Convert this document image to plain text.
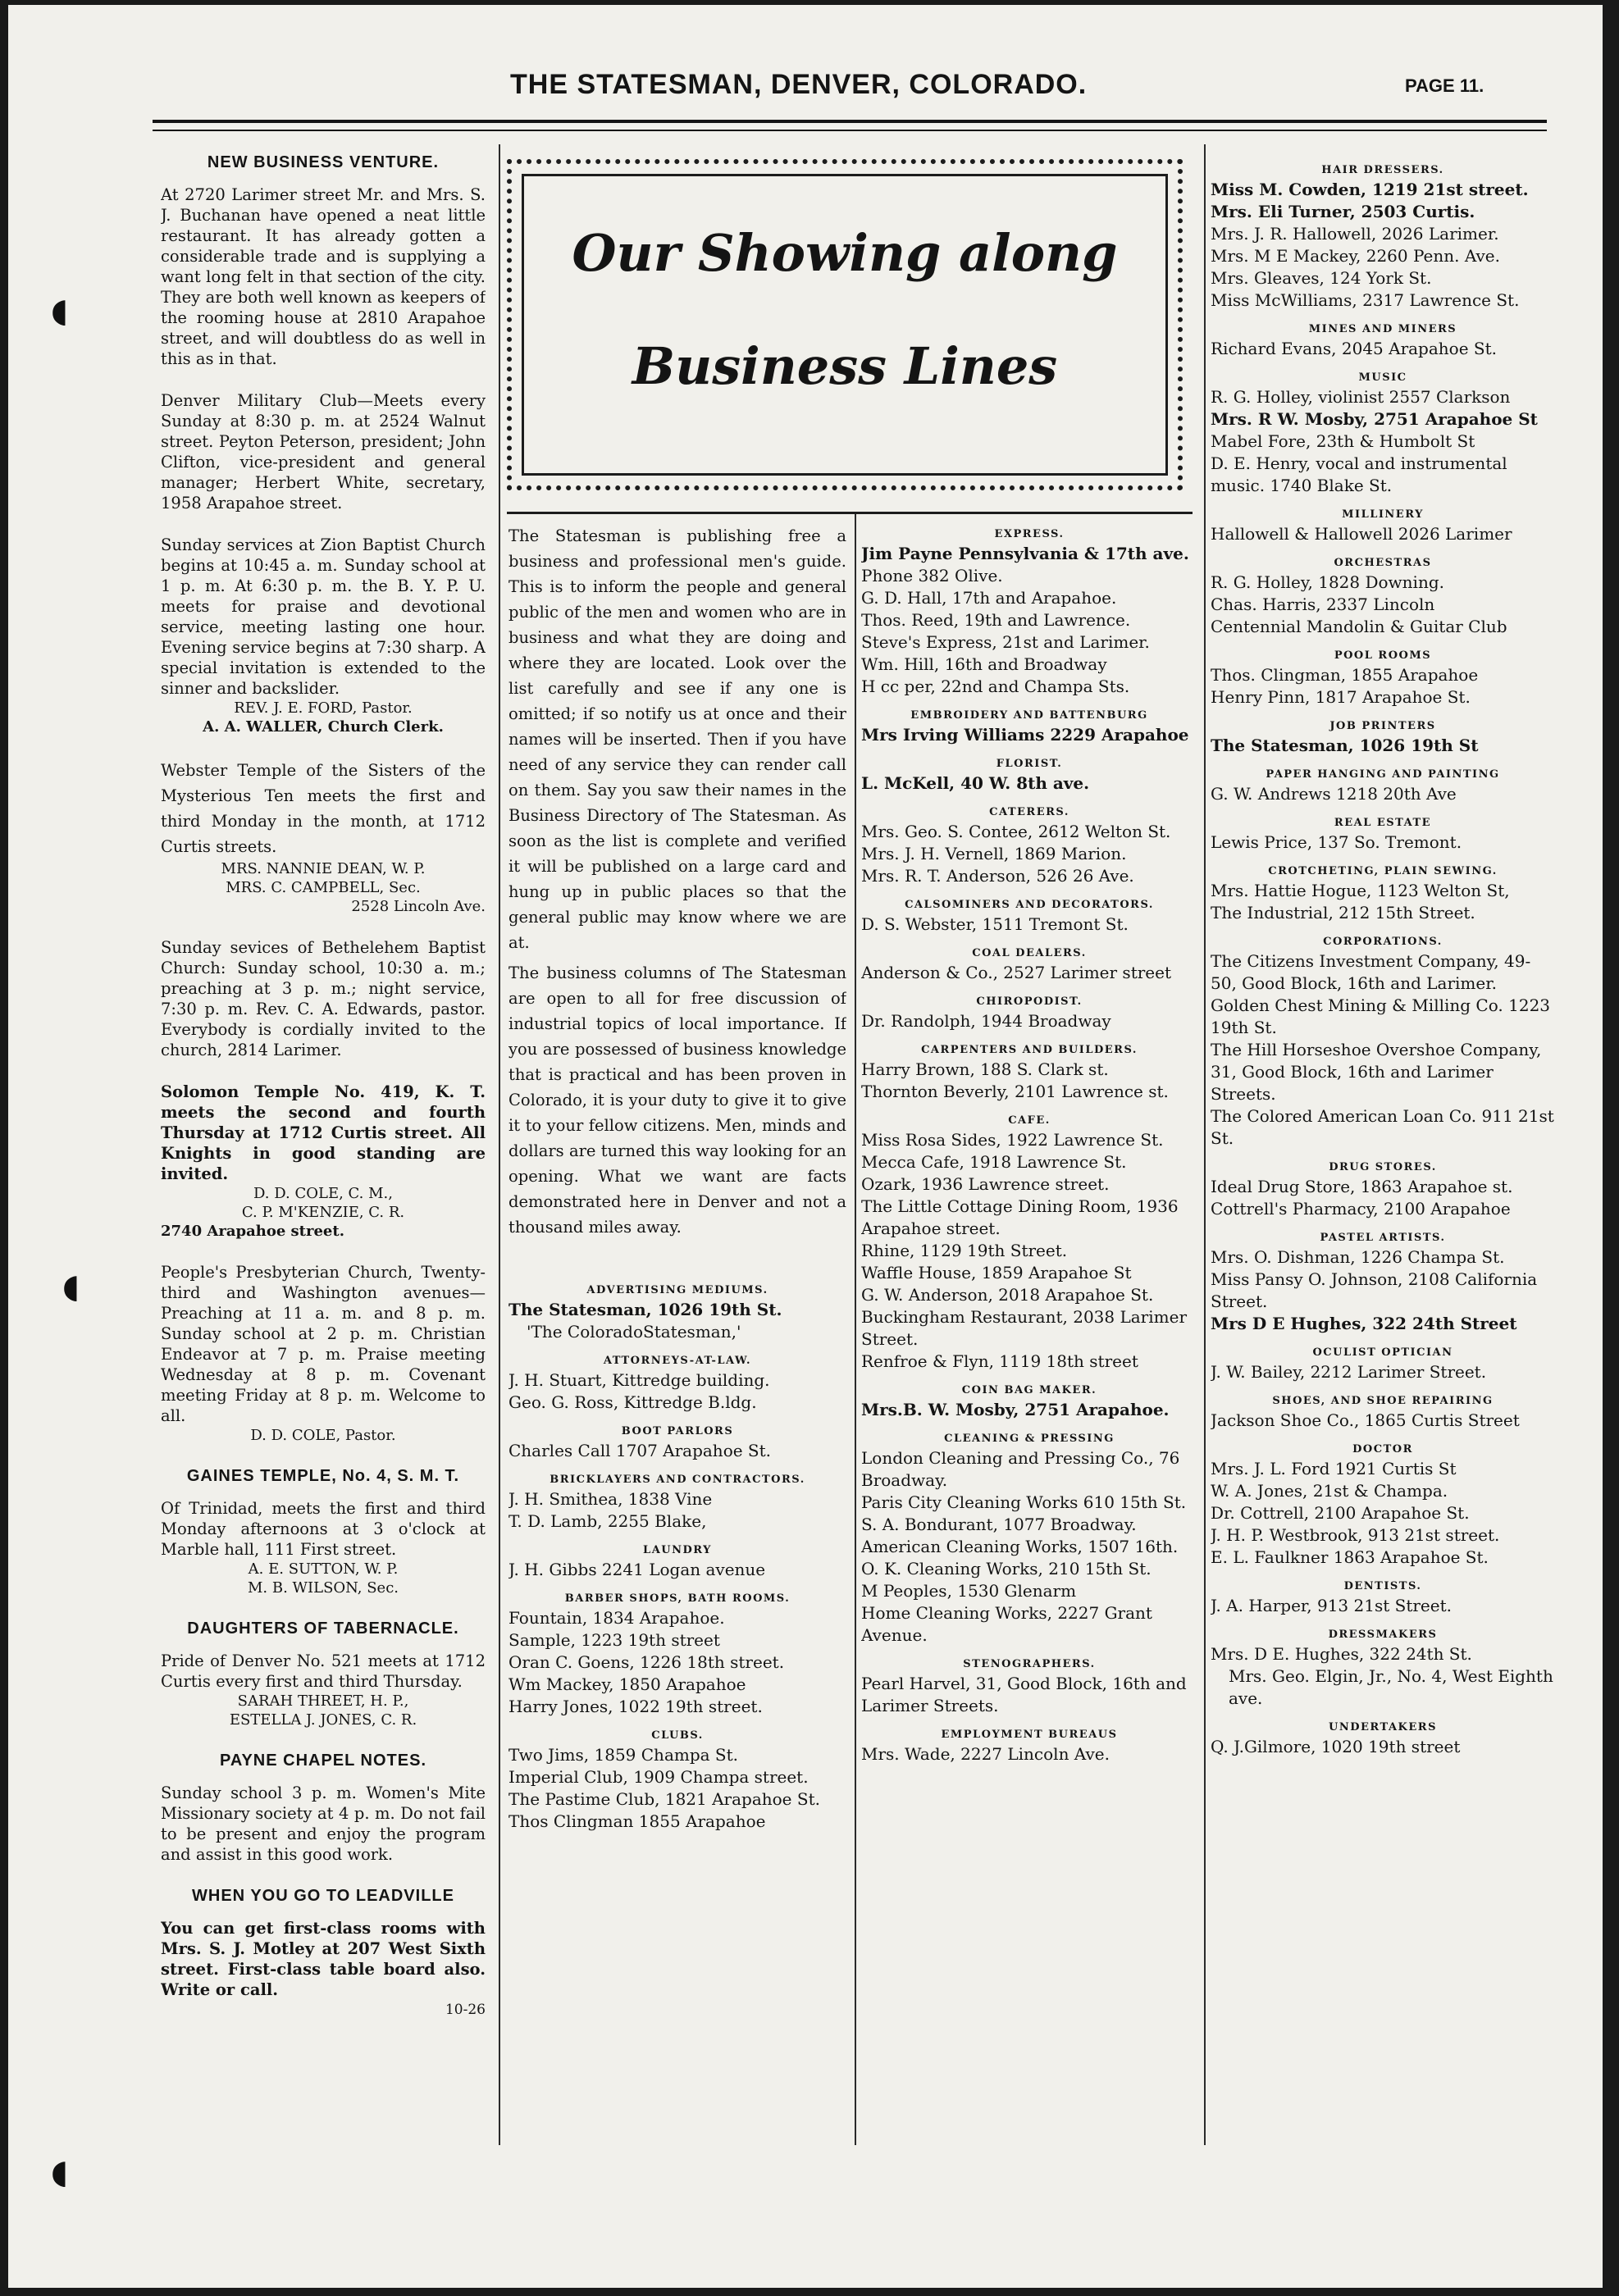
◖
◖
◖
THE STATESMAN, DENVER, COLORADO.	PAGE 11.
NEW BUSINESS VENTURE.

At 2720 Larimer street Mr. and Mrs. S. J. Buchanan have opened a neat little restaurant. It has already gotten a considerable trade and is supplying a want long felt in that section of the city. They are both well known as keepers of the rooming house at 2810 Arapahoe street, and will doubtless do as well in this as in that.

Denver Military Club—Meets every Sunday at 8:30 p. m. at 2524 Walnut street. Peyton Peterson, president; John Clifton, vice-president and general manager; Herbert White, secretary, 1958 Arapahoe street.

Sunday services at Zion Baptist Church begins at 10:45 a. m. Sunday school at 1 p. m. At 6:30 p. m. the B. Y. P. U. meets for praise and devotional service, meeting lasting one hour. Evening service begins at 7:30 sharp. A special invitation is extended to the sinner and backslider.

REV. J. E. FORD, Pastor.

A. A. WALLER, Church Clerk.

Webster Temple of the Sisters of the Mysterious Ten meets the first and third Monday in the month, at 1712 Curtis streets.

MRS. NANNIE DEAN, W. P.

MRS. C. CAMPBELL, Sec.

2528 Lincoln Ave.

Sunday sevices of Bethelehem Baptist Church: Sunday school, 10:30 a. m.; preaching at 3 p. m.; night service, 7:30 p. m. Rev. C. A. Edwards, pastor. Everybody is cordially invited to the church, 2814 Larimer.

Solomon Temple No. 419, K. T. meets the second and fourth Thursday at 1712 Curtis street. All Knights in good standing are invited.

D. D. COLE, C. M.,

C. P. M'KENZIE, C. R.

2740 Arapahoe street.

People's Presbyterian Church, Twenty-third and Washington avenues—Preaching at 11 a. m. and 8 p. m. Sunday school at 2 p. m. Christian Endeavor at 7 p. m. Praise meeting Wednesday at 8 p. m. Covenant meeting Friday at 8 p. m. Welcome to all.

D. D. COLE, Pastor.

GAINES TEMPLE, No. 4, S. M. T.

Of Trinidad, meets the first and third Monday afternoons at 3 o'clock at Marble hall, 111 First street.

A. E. SUTTON, W. P.

M. B. WILSON, Sec.

DAUGHTERS OF TABERNACLE.

Pride of Denver No. 521 meets at 1712 Curtis every first and third Thursday.

SARAH THREET, H. P.,

ESTELLA J. JONES, C. R.

PAYNE CHAPEL NOTES.

Sunday school 3 p. m. Women's Mite Missionary society at 4 p. m. Do not fail to be present and enjoy the program and assist in this good work.

WHEN YOU GO TO LEADVILLE

You can get first-class rooms with Mrs. S. J. Motley at 207 West Sixth street. First-class table board also. Write or call.

10-26

Our Showing along
Business Lines

The Statesman is publishing free a business and professional men's guide. This is to inform the people and general public of the men and women who are in business and what they are doing and where they are located. Look over the list carefully and see if any one is omitted; if so notify us at once and their names will be inserted. Then if you have need of any service they can render call on them. Say you saw their names in the Business Directory of The Statesman. As soon as the list is complete and verified it will be published on a large card and hung up in public places so that the general public may know where we are at.

The business columns of The Statesman are open to all for free discussion of industrial topics of local importance. If you are possessed of business knowledge that is practical and has been proven in Colorado, it is your duty to give it to give it to your fellow citizens. Men, minds and dollars are turned this way looking for an opening. What we want are facts demonstrated here in Denver and not a thousand miles away.

ADVERTISING MEDIUMS.

The Statesman, 1026 19th St.

'The ColoradoStatesman,'

ATTORNEYS-AT-LAW.

J. H. Stuart, Kittredge building.

Geo. G. Ross, Kittredge B.ldg.

BOOT PARLORS

Charles Call 1707 Arapahoe St.

BRICKLAYERS AND CONTRACTORS.

J. H. Smithea, 1838 Vine

T. D. Lamb, 2255 Blake,

LAUNDRY

J. H. Gibbs 2241 Logan avenue

BARBER SHOPS, BATH ROOMS.

Fountain, 1834 Arapahoe.

Sample, 1223 19th street

Oran C. Goens, 1226 18th street.

Wm Mackey, 1850 Arapahoe

Harry Jones, 1022 19th street.

CLUBS.

Two Jims, 1859 Champa St.

Imperial Club, 1909 Champa street.

The Pastime Club, 1821 Arapahoe St.

Thos Clingman 1855 Arapahoe

EXPRESS.

Jim Payne Pennsylvania & 17th ave.

Phone 382 Olive.

G. D. Hall, 17th and Arapahoe.

Thos. Reed, 19th and Lawrence.

Steve's Express, 21st and Larimer.

Wm. Hill, 16th and Broadway

H cc per, 22nd and Champa Sts.

EMBROIDERY AND BATTENBURG

Mrs Irving Williams 2229 Arapahoe

FLORIST.

L. McKell, 40 W. 8th ave.

CATERERS.

Mrs. Geo. S. Contee, 2612 Welton St.

Mrs. J. H. Vernell, 1869 Marion.

Mrs. R. T. Anderson, 526 26 Ave.

CALSOMINERS AND DECORATORS.

D. S. Webster, 1511 Tremont St.

COAL DEALERS.

Anderson & Co., 2527 Larimer street

CHIROPODIST.

Dr. Randolph, 1944 Broadway

CARPENTERS AND BUILDERS.

Harry Brown, 188 S. Clark st.

Thornton Beverly, 2101 Lawrence st.

CAFE.

Miss Rosa Sides, 1922 Lawrence St.

Mecca Cafe, 1918 Lawrence St.

Ozark, 1936 Lawrence street.

The Little Cottage Dining Room, 1936 Arapahoe street.

Rhine, 1129 19th Street.

Waffle House, 1859 Arapahoe St

G. W. Anderson, 2018 Arapahoe St.

Buckingham Restaurant, 2038 Larimer Street.

Renfroe & Flyn, 1119 18th street

COIN BAG MAKER.

Mrs.B. W. Mosby, 2751 Arapahoe.

CLEANING & PRESSING

London Cleaning and Pressing Co., 76 Broadway.

Paris City Cleaning Works 610 15th St.

S. A. Bondurant, 1077 Broadway.

American Cleaning Works, 1507 16th.

O. K. Cleaning Works, 210 15th St.

M Peoples, 1530 Glenarm

Home Cleaning Works, 2227 Grant Avenue.

STENOGRAPHERS.

Pearl Harvel, 31, Good Block, 16th and Larimer Streets.

EMPLOYMENT BUREAUS

Mrs. Wade, 2227 Lincoln Ave.

HAIR DRESSERS.

Miss M. Cowden, 1219 21st street.

Mrs. Eli Turner, 2503 Curtis.

Mrs. J. R. Hallowell, 2026 Larimer.

Mrs. M E Mackey, 2260 Penn. Ave.

Mrs. Gleaves, 124 York St.

Miss McWilliams, 2317 Lawrence St.

MINES AND MINERS

Richard Evans, 2045 Arapahoe St.

MUSIC

R. G. Holley, violinist 2557 Clarkson

Mrs. R W. Mosby, 2751 Arapahoe St

Mabel Fore, 23th & Humbolt St

D. E. Henry, vocal and instrumental music. 1740 Blake St.

MILLINERY

Hallowell & Hallowell 2026 Larimer

ORCHESTRAS

R. G. Holley, 1828 Downing.

Chas. Harris, 2337 Lincoln

Centennial Mandolin & Guitar Club

POOL ROOMS

Thos. Clingman, 1855 Arapahoe

Henry Pinn, 1817 Arapahoe St.

JOB PRINTERS

The Statesman, 1026 19th St

PAPER HANGING AND PAINTING

G. W. Andrews 1218 20th Ave

REAL ESTATE

Lewis Price, 137 So. Tremont.

CROTCHETING, PLAIN SEWING.

Mrs. Hattie Hogue, 1123 Welton St,

The Industrial, 212 15th Street.

CORPORATIONS.

The Citizens Investment Company, 49-50, Good Block, 16th and Larimer.

Golden Chest Mining & Milling Co. 1223 19th St.

The Hill Horseshoe Overshoe Company, 31, Good Block, 16th and Larimer Streets.

The Colored American Loan Co. 911 21st St.

DRUG STORES.

Ideal Drug Store, 1863 Arapahoe st.

Cottrell's Pharmacy, 2100 Arapahoe

PASTEL ARTISTS.

Mrs. O. Dishman, 1226 Champa St.

Miss Pansy O. Johnson, 2108 California Street.

Mrs D E Hughes, 322 24th Street

OCULIST OPTICIAN

J. W. Bailey, 2212 Larimer Street.

SHOES, AND SHOE REPAIRING

Jackson Shoe Co., 1865 Curtis Street

DOCTOR

Mrs. J. L. Ford 1921 Curtis St

W. A. Jones, 21st & Champa.

Dr. Cottrell, 2100 Arapahoe St.

J. H. P. Westbrook, 913 21st street.

E. L. Faulkner 1863 Arapahoe St.

DENTISTS.

J. A. Harper, 913 21st Street.

DRESSMAKERS

Mrs. D E. Hughes, 322 24th St.

Mrs. Geo. Elgin, Jr., No. 4, West Eighth ave.

UNDERTAKERS

Q. J.Gilmore, 1020 19th street
